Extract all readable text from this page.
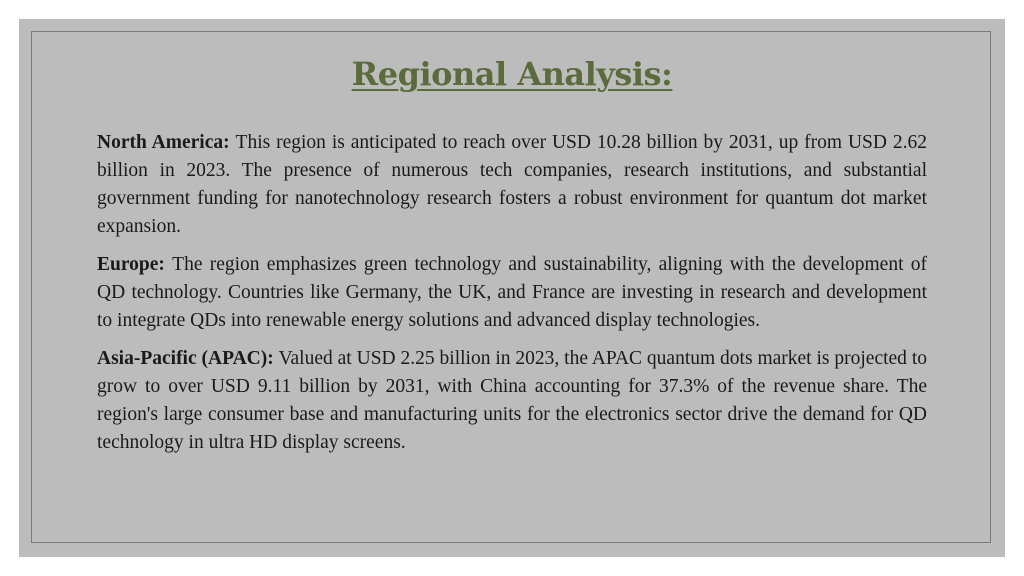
Regional Analysis:

North America: This region is anticipated to reach over USD 10.28 billion by 2031, up from USD 2.62 billion in 2023. The presence of numerous tech companies, research institutions, and substantial government funding for nanotechnology research fosters a robust environment for quantum dot market expansion.

Europe: The region emphasizes green technology and sustainability, aligning with the development of QD technology. Countries like Germany, the UK, and France are investing in research and development to integrate QDs into renewable energy solutions and advanced display technologies.

Asia-Pacific (APAC): Valued at USD 2.25 billion in 2023, the APAC quantum dots market is projected to grow to over USD 9.11 billion by 2031, with China accounting for 37.3% of the revenue share. The region's large consumer base and manufacturing units for the electronics sector drive the demand for QD technology in ultra HD display screens.
